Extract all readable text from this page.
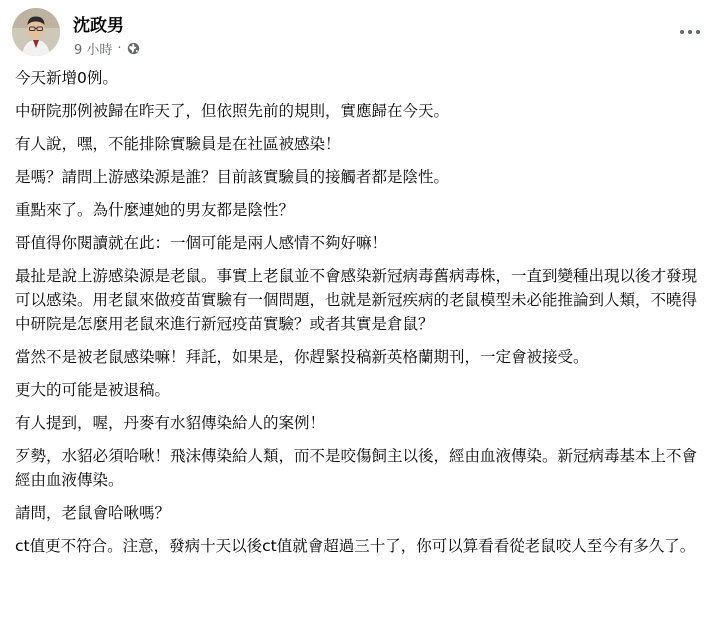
沈政男
9 小時 ·

今天新增0例。

中研院那例被歸在昨天了，但依照先前的規則，實應歸在今天。

有人說，嘿，不能排除實驗員是在社區被感染！

是嗎？請問上游感染源是誰？目前該實驗員的接觸者都是陰性。

重點來了。為什麼連她的男友都是陰性？

哥值得你閱讀就在此：一個可能是兩人感情不夠好嘛！

最扯是說上游感染源是老鼠。事實上老鼠並不會感染新冠病毒舊病毒株，一直到變種出現以後才發現可以感染。用老鼠來做疫苗實驗有一個問題，也就是新冠疾病的老鼠模型未必能推論到人類，不曉得中研院是怎麼用老鼠來進行新冠疫苗實驗？或者其實是倉鼠？

當然不是被老鼠感染嘛！拜託，如果是，你趕緊投稿新英格蘭期刊，一定會被接受。

更大的可能是被退稿。

有人提到，喔，丹麥有水貂傳染給人的案例！

歹勢，水貂必須哈啾！飛沫傳染給人類，而不是咬傷飼主以後，經由血液傳染。新冠病毒基本上不會經由血液傳染。

請問，老鼠會哈啾嗎？

ct值更不符合。注意，發病十天以後ct值就會超過三十了，你可以算看看從老鼠咬人至今有多久了。
